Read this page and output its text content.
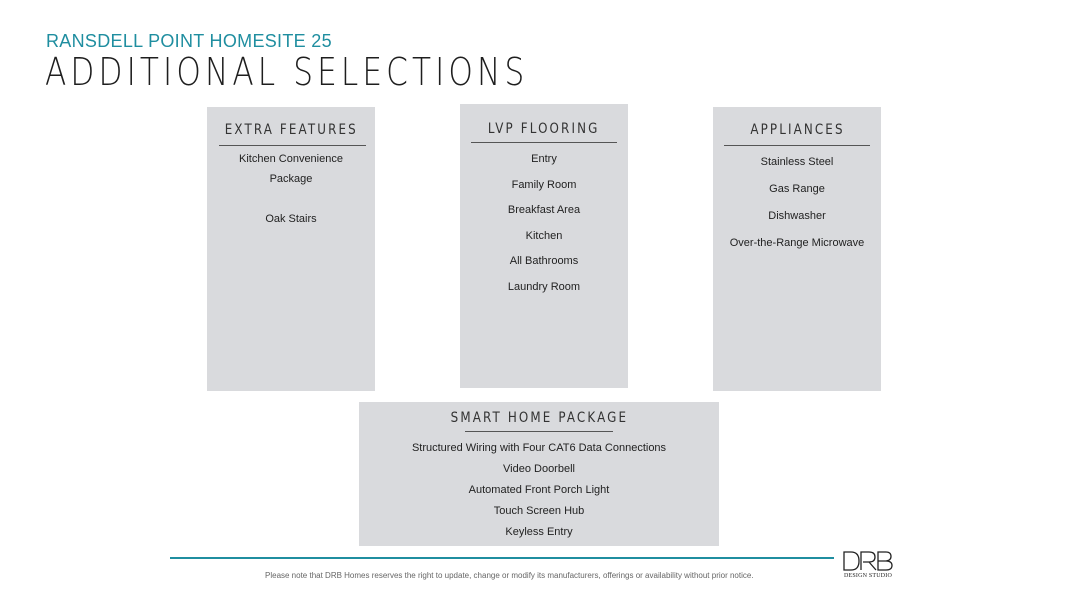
RANSDELL POINT HOMESITE 25
ADDITIONAL SELECTIONS
EXTRA FEATURES
Kitchen Convenience
Package
Oak Stairs
LVP FLOORING
Entry
Family Room
Breakfast Area
Kitchen
All Bathrooms
Laundry Room
APPLIANCES
Stainless Steel
Gas Range
Dishwasher
Over-the-Range Microwave
SMART HOME PACKAGE
Structured Wiring with Four CAT6 Data Connections
Video Doorbell
Automated Front Porch Light
Touch Screen Hub
Keyless Entry
Please note that DRB Homes reserves the right to update, change or modify its manufacturers, offerings or availability without prior notice.	DESIGN STUDIO
